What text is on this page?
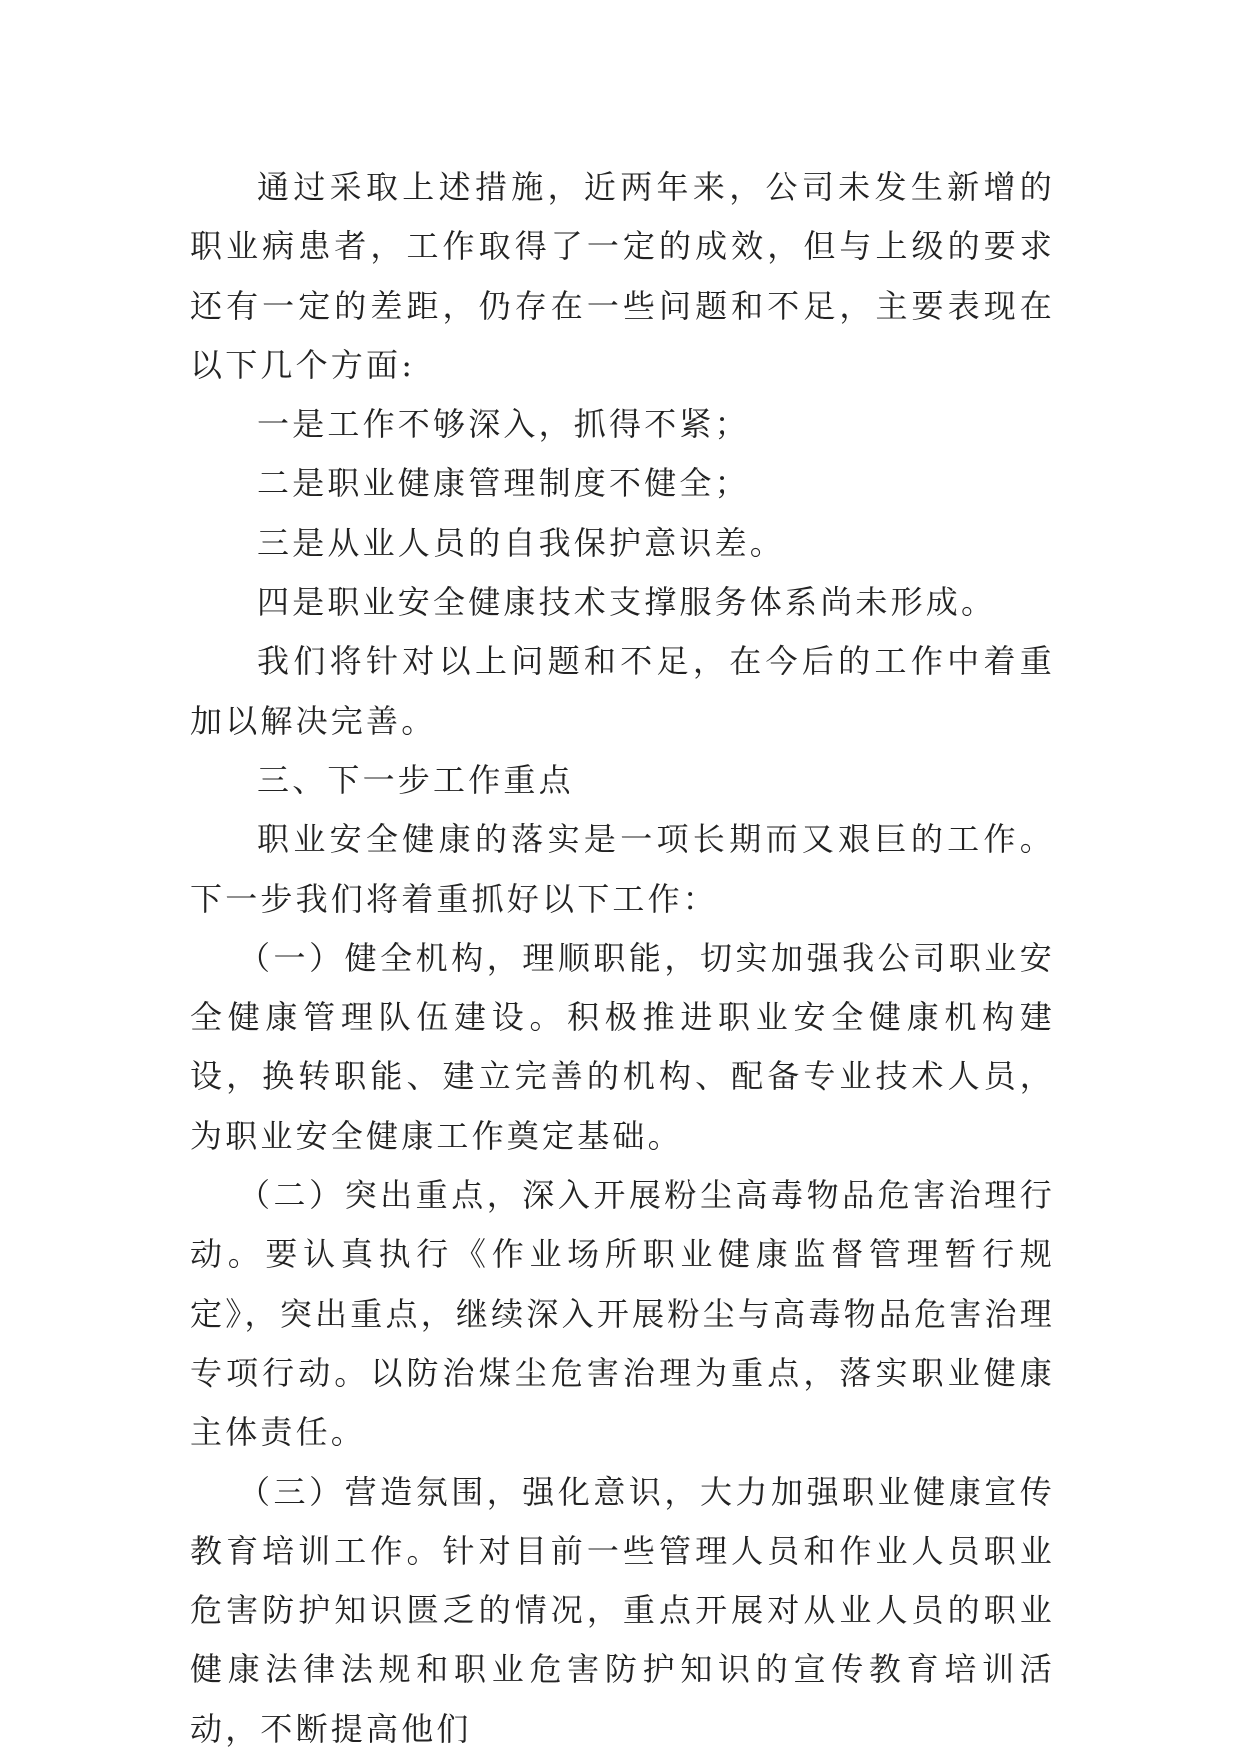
通过采取上述措施，近两年来，公司未发生新增的职业病患者，工作取得了一定的成效，但与上级的要求还有一定的差距，仍存在一些问题和不足，主要表现在以下几个方面:

一是工作不够深入，抓得不紧；

二是职业健康管理制度不健全；

三是从业人员的自我保护意识差。

四是职业安全健康技术支撑服务体系尚未形成。

我们将针对以上问题和不足，在今后的工作中着重加以解决完善。

三、下一步工作重点

职业安全健康的落实是一项长期而又艰巨的工作。下一步我们将着重抓好以下工作：

（一）健全机构，理顺职能，切实加强我公司职业安全健康管理队伍建设。积极推进职业安全健康机构建设，换转职能、建立完善的机构、配备专业技术人员，为职业安全健康工作奠定基础。

（二）突出重点，深入开展粉尘高毒物品危害治理行动。要认真执行《作业场所职业健康监督管理暂行规定》，突出重点，继续深入开展粉尘与高毒物品危害治理专项行动。以防治煤尘危害治理为重点，落实职业健康主体责任。

（三）营造氛围，强化意识，大力加强职业健康宣传教育培训工作。针对目前一些管理人员和作业人员职业危害防护知识匮乏的情况，重点开展对从业人员的职业健康法律法规和职业危害防护知识的宣传教育培训活动，不断提高他们
